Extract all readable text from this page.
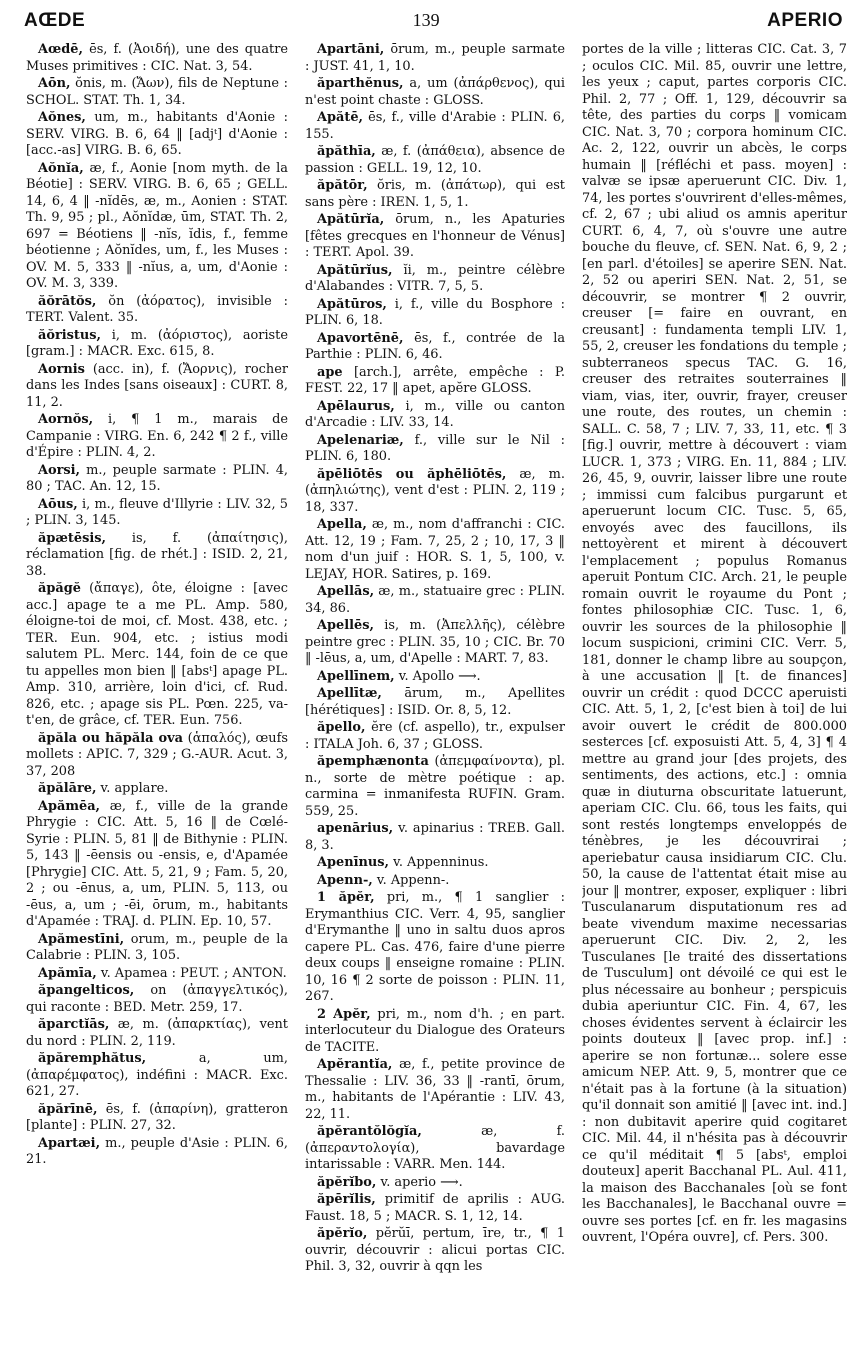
AŒDE	139	APERIO

Aœdē, ēs, f. (Ἀοιδή), une des quatre Muses primitives : CIC. Nat. 3, 54.

Aōn, ŏnis, m. (Ἄων), fils de Neptune : SCHOL. STAT. Th. 1, 34.

Aŏnes, um, m., habitants d'Aonie : SERV. VIRG. B. 6, 64 ‖ [adjᵗ] d'Aonie : [acc.-as] VIRG. B. 6, 65.

Aŏnĭa, æ, f., Aonie [nom myth. de la Béotie] : SERV. VIRG. B. 6, 65 ; GELL. 14, 6, 4 ‖ -nĭdēs, æ, m., Aonien : STAT. Th. 9, 95 ; pl., Aŏnĭdæ, ūm, STAT. Th. 2, 697 = Béotiens ‖ -nĭs, ĭdis, f., femme béotienne ; Aŏnĭdes, um, f., les Muses : OV. M. 5, 333 ‖ -nĭus, a, um, d'Aonie : OV. M. 3, 339.

ăŏrātŏs, ŏn (ἀόρατος), invisible : TERT. Valent. 35.

ăŏristus, i, m. (ἀόριστος), aoriste [gram.] : MACR. Exc. 615, 8.

Aornis (acc. in), f. (Ἄορνις), rocher dans les Indes [sans oiseaux] : CURT. 8, 11, 2.

Aornŏs, i, ¶ 1 m., marais de Campanie : VIRG. En. 6, 242 ¶ 2 f., ville d'Épire : PLIN. 4, 2.

Aorsi, m., peuple sarmate : PLIN. 4, 80 ; TAC. An. 12, 15.

Aōus, i, m., fleuve d'Illyrie : LIV. 32, 5 ; PLIN. 3, 145.

ăpætēsis, is, f. (ἀπαίτησις), réclamation [fig. de rhét.] : ISID. 2, 21, 38.

ăpăgĕ (ἄπαγε), ôte, éloigne : [avec acc.] apage te a me PL. Amp. 580, éloigne-toi de moi, cf. Most. 438, etc. ; TER. Eun. 904, etc. ; istius modi salutem PL. Merc. 144, foin de ce que tu appelles mon bien ‖ [absᵗ] apage PL. Amp. 310, arrière, loin d'ici, cf. Rud. 826, etc. ; apage sis PL. Pœn. 225, va-t'en, de grâce, cf. TER. Eun. 756.

ăpăla ou hăpăla ova (ἁπαλός), œufs mollets : APIC. 7, 329 ; G.-AUR. Acut. 3, 37, 208

ăpălāre, v. applare.

Apămēa, æ, f., ville de la grande Phrygie : CIC. Att. 5, 16 ‖ de Cœlé-Syrie : PLIN. 5, 81 ‖ de Bithynie : PLIN. 5, 143 ‖ -ēensis ou -ensis, e, d'Apamée [Phrygie] CIC. Att. 5, 21, 9 ; Fam. 5, 20, 2 ; ou -ēnus, a, um, PLIN. 5, 113, ou -ēus, a, um ; -ēi, ōrum, m., habitants d'Apamée : TRAJ. d. PLIN. Ep. 10, 57.

Apămestīni, orum, m., peuple de la Calabrie : PLIN. 3, 105.

Apămīa, v. Apamea : PEUT. ; ANTON.

ăpangelticos, on (ἀπαγγελτικός), qui raconte : BED. Metr. 259, 17.

ăparctĭās, æ, m. (ἀπαρκτίας), vent du nord : PLIN. 2, 119.

ăpăremphătus, a, um, (ἀπαρέμφατος), indéfini : MACR. Exc. 621, 27.

ăpărīnē, ēs, f. (ἀπαρίνη), gratteron [plante] : PLIN. 27, 32.

Apartæi, m., peuple d'Asie : PLIN. 6, 21.

Apartāni, ōrum, m., peuple sarmate : JUST. 41, 1, 10.

ăparthĕnus, a, um (ἀπάρθενος), qui n'est point chaste : GLOSS.

Apătē, ēs, f., ville d'Arabie : PLIN. 6, 155.

ăpăthīa, æ, f. (ἀπάθεια), absence de passion : GELL. 19, 12, 10.

ăpătōr, ŏris, m. (ἀπάτωρ), qui est sans père : IREN. 1, 5, 1.

Apătūrĭa, ōrum, n., les Apaturies [fêtes grecques en l'honneur de Vénus] : TERT. Apol. 39.

Apătūrĭus, ĭi, m., peintre célèbre d'Alabandes : VITR. 7, 5, 5.

Apătūros, i, f., ville du Bosphore : PLIN. 6, 18.

Apavortēnē, ēs, f., contrée de la Parthie : PLIN. 6, 46.

ape [arch.], arrête, empêche : P. FEST. 22, 17 ‖ apet, apĕre GLOSS.

Apēlaurus, i, m., ville ou canton d'Arcadie : LIV. 33, 14.

Apelenariæ, f., ville sur le Nil : PLIN. 6, 180.

ăpēliōtēs ou ăphēliōtēs, æ, m. (ἀπηλιώτης), vent d'est : PLIN. 2, 119 ; 18, 337.

Apella, æ, m., nom d'affranchi : CIC. Att. 12, 19 ; Fam. 7, 25, 2 ; 10, 17, 3 ‖ nom d'un juif : HOR. S. 1, 5, 100, v. LEJAY, HOR. Satires, p. 169.

Apellās, æ, m., statuaire grec : PLIN. 34, 86.

Apellēs, is, m. (Ἀπελλῆς), célèbre peintre grec : PLIN. 35, 10 ; CIC. Br. 70 ‖ -lēus, a, um, d'Apelle : MART. 7, 83.

Apellīnem, v. Apollo ⟶.

Apellītæ, ārum, m., Apellites [hérétiques] : ISID. Or. 8, 5, 12.

ăpello, ĕre (cf. aspello), tr., expulser : ITALA Joh. 6, 37 ; GLOSS.

ăpemphænonta (ἀπεμφαίνοντα), pl. n., sorte de mètre poétique : ap. carmina = inmanifesta RUFIN. Gram. 559, 25.

apenārius, v. apinarius : TREB. Gall. 8, 3.

Apenīnus, v. Appenninus.

Apenn-, v. Appenn-.

1 ăpĕr, pri, m., ¶ 1 sanglier : Erymanthius CIC. Verr. 4, 95, sanglier d'Erymanthe ‖ uno in saltu duos apros capere PL. Cas. 476, faire d'une pierre deux coups ‖ enseigne romaine : PLIN. 10, 16 ¶ 2 sorte de poisson : PLIN. 11, 267.

2 Apĕr, pri, m., nom d'h. ; en part. interlocuteur du Dialogue des Orateurs de TACITE.

Apĕrantĭa, æ, f., petite province de Thessalie : LIV. 36, 33 ‖ -rantī, ōrum, m., habitants de l'Apérantie : LIV. 43, 22, 11.

ăpĕrantŏlŏgĭa, æ, f. (ἀπεραντολογία), bavardage intarissable : VARR. Men. 144.

ăpĕrĭbo, v. aperio ⟶.

ăpērĭlis, primitif de aprilis : AUG. Faust. 18, 5 ; MACR. S. 1, 12, 14.

ăpĕrĭo, pĕrŭī, pertum, īre, tr., ¶ 1 ouvrir, découvrir : alicui portas CIC. Phil. 3, 32, ouvrir à qqn les

portes de la ville ; litteras CIC. Cat. 3, 7 ; oculos CIC. Mil. 85, ouvrir une lettre, les yeux ; caput, partes corporis CIC. Phil. 2, 77 ; Off. 1, 129, découvrir sa tête, des parties du corps ‖ vomicam CIC. Nat. 3, 70 ; corpora hominum CIC. Ac. 2, 122, ouvrir un abcès, le corps humain ‖ [réfléchi et pass. moyen] : valvæ se ipsæ aperuerunt CIC. Div. 1, 74, les portes s'ouvrirent d'elles-mêmes, cf. 2, 67 ; ubi aliud os amnis aperitur CURT. 6, 4, 7, où s'ouvre une autre bouche du fleuve, cf. SEN. Nat. 6, 9, 2 ; [en parl. d'étoiles] se aperire SEN. Nat. 2, 52 ou aperiri SEN. Nat. 2, 51, se découvrir, se montrer ¶ 2 ouvrir, creuser [= faire en ouvrant, en creusant] : fundamenta templi LIV. 1, 55, 2, creuser les fondations du temple ; subterraneos specus TAC. G. 16, creuser des retraites souterraines ‖ viam, vias, iter, ouvrir, frayer, creuser une route, des routes, un chemin : SALL. C. 58, 7 ; LIV. 7, 33, 11, etc. ¶ 3 [fig.] ouvrir, mettre à découvert : viam LUCR. 1, 373 ; VIRG. En. 11, 884 ; LIV. 26, 45, 9, ouvrir, laisser libre une route ; immissi cum falcibus purgarunt et aperuerunt locum CIC. Tusc. 5, 65, envoyés avec des faucillons, ils nettoyèrent et mirent à découvert l'emplacement ; populus Romanus aperuit Pontum CIC. Arch. 21, le peuple romain ouvrit le royaume du Pont ; fontes philosophiæ CIC. Tusc. 1, 6, ouvrir les sources de la philosophie ‖ locum suspicioni, crimini CIC. Verr. 5, 181, donner le champ libre au soupçon, à une accusation ‖ [t. de finances] ouvrir un crédit : quod DCCC aperuisti CIC. Att. 5, 1, 2, [c'est bien à toi] de lui avoir ouvert le crédit de 800.000 sesterces [cf. exposuisti Att. 5, 4, 3] ¶ 4 mettre au grand jour [des projets, des sentiments, des actions, etc.] : omnia quæ in diuturna obscuritate latuerunt, aperiam CIC. Clu. 66, tous les faits, qui sont restés longtemps enveloppés de ténèbres, je les découvrirai ; aperiebatur causa insidiarum CIC. Clu. 50, la cause de l'attentat était mise au jour ‖ montrer, exposer, expliquer : libri Tusculanarum disputationum res ad beate vivendum maxime necessarias aperuerunt CIC. Div. 2, 2, les Tusculanes [le traité des dissertations de Tusculum] ont dévoilé ce qui est le plus nécessaire au bonheur ; perspicuis dubia aperiuntur CIC. Fin. 4, 67, les choses évidentes servent à éclaircir les points douteux ‖ [avec prop. inf.] : aperire se non fortunæ... solere esse amicum NEP. Att. 9, 5, montrer que ce n'était pas à la fortune (à la situation) qu'il donnait son amitié ‖ [avec int. ind.] : non dubitavit aperire quid cogitaret CIC. Mil. 44, il n'hésita pas à découvrir ce qu'il méditait ¶ 5 [absᵗ, emploi douteux] aperit Bacchanal PL. Aul. 411, la maison des Bacchanales [où se font les Bacchanales], le Bacchanal ouvre = ouvre ses portes [cf. en fr. les magasins ouvrent, l'Opéra ouvre], cf. Pers. 300.
